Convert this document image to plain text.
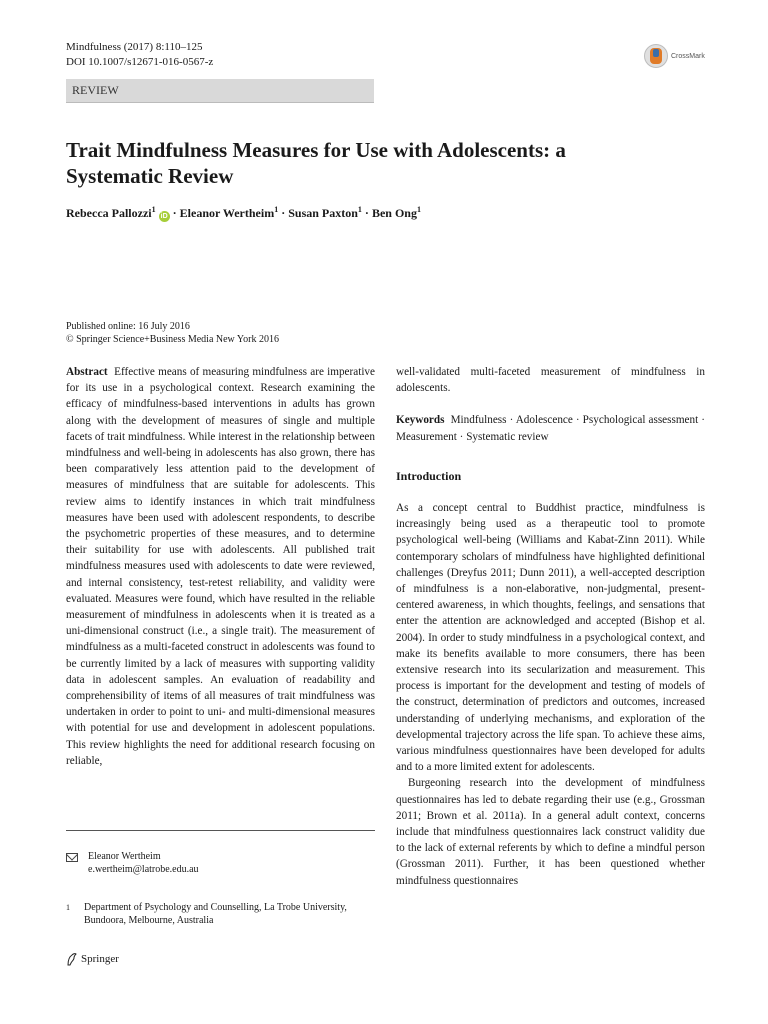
Mindfulness (2017) 8:110–125
DOI 10.1007/s12671-016-0567-z	CrossMark
REVIEW
Trait Mindfulness Measures for Use with Adolescents: a Systematic Review
Rebecca Pallozzi$^1$ iD · Eleanor Wertheim$^1$ · Susan Paxton$^1$ · Ben Ong$^1$
Published online: 16 July 2016
© Springer Science+Business Media New York 2016

Abstract Effective means of measuring mindfulness are imperative for its use in a psychological context. Research examining the efficacy of mindfulness-based interventions in adults has grown along with the development of measures of single and multiple facets of trait mindfulness. While interest in the relationship between mindfulness and well-being in adolescents has also grown, there has been comparatively less attention paid to the development of measures of mindfulness that are suitable for adolescents. This review aims to identify instances in which trait mindfulness measures have been used with adolescent respondents, to describe the psychometric properties of these measures, and to determine their suitability for use with adolescents. All published trait mindfulness measures used with adolescents to date were reviewed, and internal consistency, test-retest reliability, and validity were evaluated. Measures were found, which have resulted in the reliable measurement of mindfulness in adolescents when it is treated as a uni-dimensional construct (i.e., a single trait). The measurement of mindfulness as a multi-faceted construct in adolescents was found to be currently limited by a lack of measures with supporting validity data in adolescent samples. An evaluation of readability and comprehensibility of items of all measures of trait mindfulness was undertaken in order to point to uni- and multi-dimensional measures with potential for use and development in adolescent populations. This review highlights the need for additional research focusing on reliable,

well-validated multi-faceted measurement of mindfulness in adolescents.

Keywords Mindfulness · Adolescence · Psychological assessment · Measurement · Systematic review

Introduction

As a concept central to Buddhist practice, mindfulness is increasingly being used as a therapeutic tool to promote psychological well-being (Williams and Kabat-Zinn 2011). While contemporary scholars of mindfulness have highlighted definitional challenges (Dreyfus 2011; Dunn 2011), a well-accepted description of mindfulness is a non-elaborative, non-judgmental, present-centered awareness, in which thoughts, feelings, and sensations that enter the attention are acknowledged and accepted (Bishop et al. 2004). In order to study mindfulness in a psychological context, and make its benefits available to more consumers, there has been extensive research into its secularization and measurement. This process is important for the development and testing of models of the construct, determination of predictors and outcomes, increased understanding of underlying mechanisms, and exploration of the developmental trajectory across the life span. To achieve these aims, various mindfulness questionnaires have been developed for adults and to a more limited extent for adolescents.

Burgeoning research into the development of mindfulness questionnaires has led to debate regarding their use (e.g., Grossman 2011; Brown et al. 2011a). In a general adult context, concerns include that mindfulness questionnaires lack construct validity due to the lack of external referents by which to define a mindful person (Grossman 2011). Further, it has been questioned whether mindfulness questionnaires

Eleanor Wertheim
e.wertheim@latrobe.edu.au
1 Department of Psychology and Counselling, La Trobe University, Bundoora, Melbourne, Australia
Springer
